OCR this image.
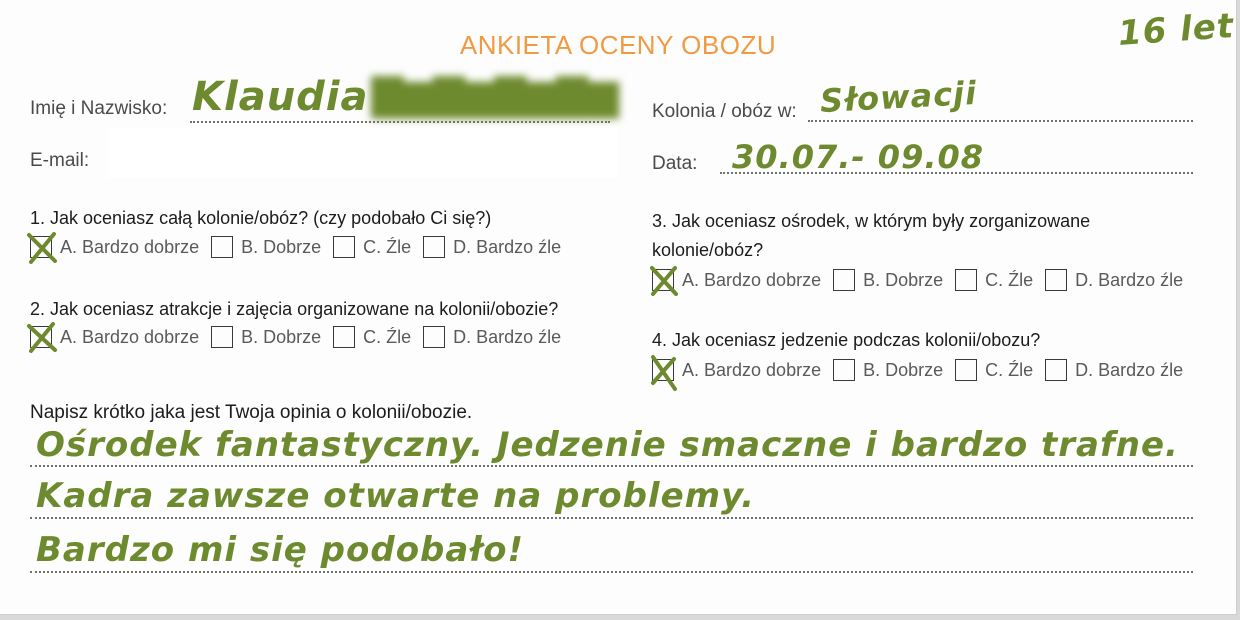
ANKIETA OCENY OBOZU	16 let
Imię i Nazwisko: Klaudia ▇▆▇▆▇▆▇▆
E-mail:
Kolonia / obóz w: Słowacji
Data: 30.07.- 09.08
1. Jak oceniasz całą kolonie/obóz? (czy podobało Ci się?)
A. Bardzo dobrze B. Dobrze C. Źle D. Bardzo źle
2. Jak oceniasz atrakcje i zajęcia organizowane na kolonii/obozie?
A. Bardzo dobrze B. Dobrze C. Źle D. Bardzo źle
3. Jak oceniasz ośrodek, w którym były zorganizowane
kolonie/obóz?
A. Bardzo dobrze B. Dobrze C. Źle D. Bardzo źle
4. Jak oceniasz jedzenie podczas kolonii/obozu?
A. Bardzo dobrze B. Dobrze C. Źle D. Bardzo źle
Napisz krótko jaka jest Twoja opinia o kolonii/obozie.
Ośrodek fantastyczny. Jedzenie smaczne i bardzo trafne.
Kadra zawsze otwarte na problemy.
Bardzo mi się podobało!
